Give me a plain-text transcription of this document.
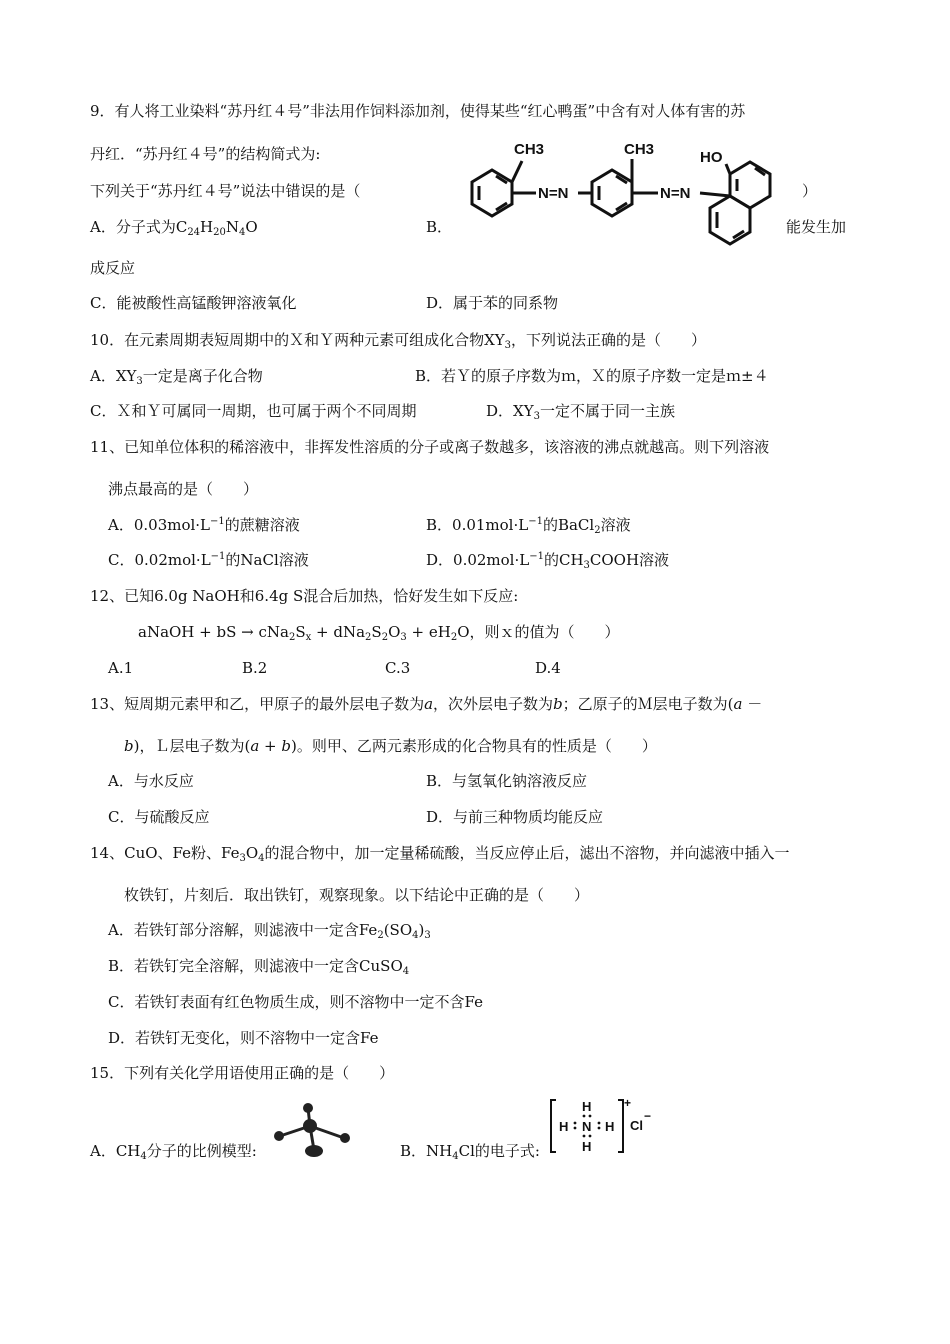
9．有人将工业染料“苏丹红４号”非法用作饲料添加剂，使得某些“红心鸭蛋”中含有对人体有害的苏
丹红．“苏丹红４号”的结构简式为:	CH3	CH3
N=N	N=N
HO
下列关于“苏丹红４号”说法中错误的是（	）
A．分子式为$C_{24}H_{20}N_4O$	B．	能发生加
成反应
C．能被酸性高锰酸钾溶液氧化	D．属于苯的同系物
10．在元素周期表短周期中的Ｘ和Ｙ两种元素可组成化合物$XY_3$，下列说法正确的是（　　）
A．$XY_3$一定是离子化合物	B．若Ｙ的原子序数为ｍ，Ｘ的原子序数一定是ｍ±４
C．Ｘ和Ｙ可属同一周期，也可属于两个不同周期	D．$XY_3$一定不属于同一主族
11、已知单位体积的稀溶液中，非挥发性溶质的分子或离子数越多，该溶液的沸点就越高。则下列溶液
沸点最高的是（　　）
A．$0.03mol\cdot L^{-1}$的蔗糖溶液	B．$0.01mol\cdot L^{-1}$的BaCl$_2$溶液
C．$0.02mol\cdot L^{-1}$的NaCl溶液	D．$0.02mol\cdot L^{-1}$的$CH_3COOH$溶液
12、已知6.0g NaOH和6.4g S混合后加热，恰好发生如下反应:
aNaOH + bS → $cNa_2S_x + dNa_2S_2O_3 + eH_2O$，则ｘ的值为（　　）
A.1	B.2	C.3	D.4
13、短周期元素甲和乙，甲原子的最外层电子数为a，次外层电子数为b；乙原子的Ｍ层电子数为(a －
b)，Ｌ层电子数为(a + b)。则甲、乙两元素形成的化合物具有的性质是（　　）
A．与水反应	B．与氢氧化钠溶液反应
C．与硫酸反应	D．与前三种物质均能反应
14、CuO、Fe粉、$Fe_3O_4$的混合物中，加一定量稀硫酸，当反应停止后，滤出不溶物，并向滤液中插入一
枚铁钉，片刻后．取出铁钉，观察现象。以下结论中正确的是（　　）
A．若铁钉部分溶解，则滤液中一定含$Fe_2(SO_4)_3$
B．若铁钉完全溶解，则滤液中一定含CuSO$_4$
C．若铁钉表面有红色物质生成，则不溶物中一定不含Fe
D．若铁钉无变化，则不溶物中一定含Fe
15．下列有关化学用语使用正确的是（　　）
A．$CH_4$分子的比例模型:	B．$NH_4Cl$的电子式:
H
H N H
H
+
Cl
−
